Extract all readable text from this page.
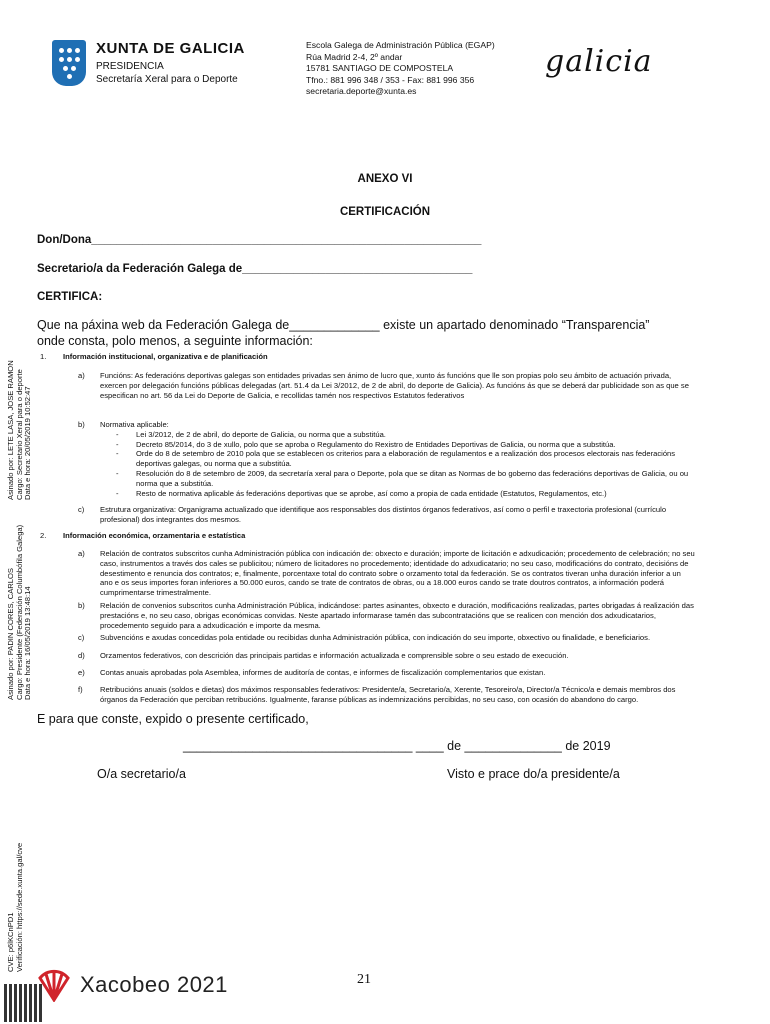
XUNTA DE GALICIA
PRESIDENCIA
Secretaría Xeral para o Deporte
Escola Galega de Administración Pública (EGAP)
Rúa Madrid 2-4, 2º andar
15781 SANTIAGO DE COMPOSTELA
Tfno.: 881 996 348 / 353 - Fax: 881 996 356
secretaria.deporte@xunta.es
galicia
ANEXO VI
CERTIFICACIÓN
Don/Dona_____________________________________________________________
Secretario/a da Federación Galega de____________________________________
CERTIFICA:
Que na páxina web da Federación Galega de_____________ existe un apartado denominado “Transparencia”
onde consta, polo menos, a seguinte información:
1. Información institucional, organizativa e de planificación
a) Funcións: As federacións deportivas galegas son entidades privadas sen ánimo de lucro que, xunto ás funcións que lle son propias polo seu ámbito de actuación privada, exercen por delegación funcións públicas delegadas (art. 51.4 da Lei 3/2012, de 2 de abril, do deporte de Galicia). As funcións ás que se deberá dar publicidade son as que se especifican no art. 56 da Lei do Deporte de Galicia, e recollidas tamén nos respectivos Estatutos federativos
b) Normativa aplicable:
- Lei 3/2012, de 2 de abril, do deporte de Galicia, ou norma que a substitúa.
- Decreto 85/2014, do 3 de xullo, polo que se aproba o Regulamento do Rexistro de Entidades Deportivas de Galicia, ou norma que a substitúa.
- Orde do 8 de setembro de 2010 pola que se establecen os criterios para a elaboración de regulamentos e a realización dos procesos electorais nas federacións deportivas galegas, ou norma que a substitúa.
- Resolución do 8 de setembro de 2009, da secretaría xeral para o Deporte, pola que se ditan as Normas de bo goberno das federacións deportivas de Galicia, ou ou norma que a substitúa.
- Resto de normativa aplicable ás federacións deportivas que se aprobe, así como a propia de cada entidade (Estatutos, Regulamentos, etc.)
c) Estrutura organizativa: Organigrama actualizado que identifique aos responsables dos distintos órganos federativos, así como o perfil e traxectoria profesional (currículo profesional) dos integrantes dos mesmos.
2. Información económica, orzamentaria e estatística
a) Relación de contratos subscritos cunha Administración pública con indicación de: obxecto e duración; importe de licitación e adxudicación; procedemento de celebración; no seu caso, instrumentos a través dos cales se publicitou; número de licitadores no procedemento; identidade do adxudicatario; no seu caso, modificacións do contrato, decisións de desestimento e renuncia dos contratos; e, finalmente, porcentaxe total do contrato sobre o orzamento total da federación. Se os contratos tiveran unha duración inferior a un ano e os seus importes foran inferiores a 50.000 euros, cando se trate de contratos de obras, ou a 18.000 euros cando se trate doutros contratos, a información poderá cumprimentarse trimestralmente.
b) Relación de convenios subscritos cunha Administración Pública, indicándose: partes asinantes, obxecto e duración, modificacións realizadas, partes obrigadas á realización das prestacións e, no seu caso, obrigas económicas convidas. Neste apartado informarase tamén das subcontratacións que se realicen con mención dos adxudicatarios, procedemento seguido para a adxudicación e importe da mesma.
c) Subvencións e axudas concedidas pola entidade ou recibidas dunha Administración pública, con indicación do seu importe, obxectivo ou finalidade, e beneficiarios.
d) Orzamentos federativos, con descrición das principais partidas e información actualizada e comprensible sobre o seu estado de execución.
e) Contas anuais aprobadas pola Asemblea, informes de auditoría de contas, e informes de fiscalización complementarios que existan.
f) Retribucións anuais (soldos e dietas) dos máximos responsables federativos: Presidente/a, Secretario/a, Xerente, Tesoreiro/a, Director/a Técnico/a e demais membros dos órganos da Federación que perciban retribucións. Igualmente, faranse públicas as indemnizacións percibidas, no seu caso, con ocasión do abandono do cargo.
E para que conste, expido o presente certificado,
_________________________________ ____ de ______________ de 2019
O/a secretario/a	Visto e prace do/a presidente/a
Asinado por: LETE LASA, JOSE RAMON Cargo: Secretario Xeral para o deporte Data e hora: 20/05/2019 10:52:47
Asinado por: PADIN CORES, CARLOS Cargo: Presidente (Federación Columbófila Galega) Data e hora: 16/05/2019 13:48:14
CVE: p6lKCnPD1 Verificación: https://sede.xunta.gal/cve
Xacobeo 2021	21
